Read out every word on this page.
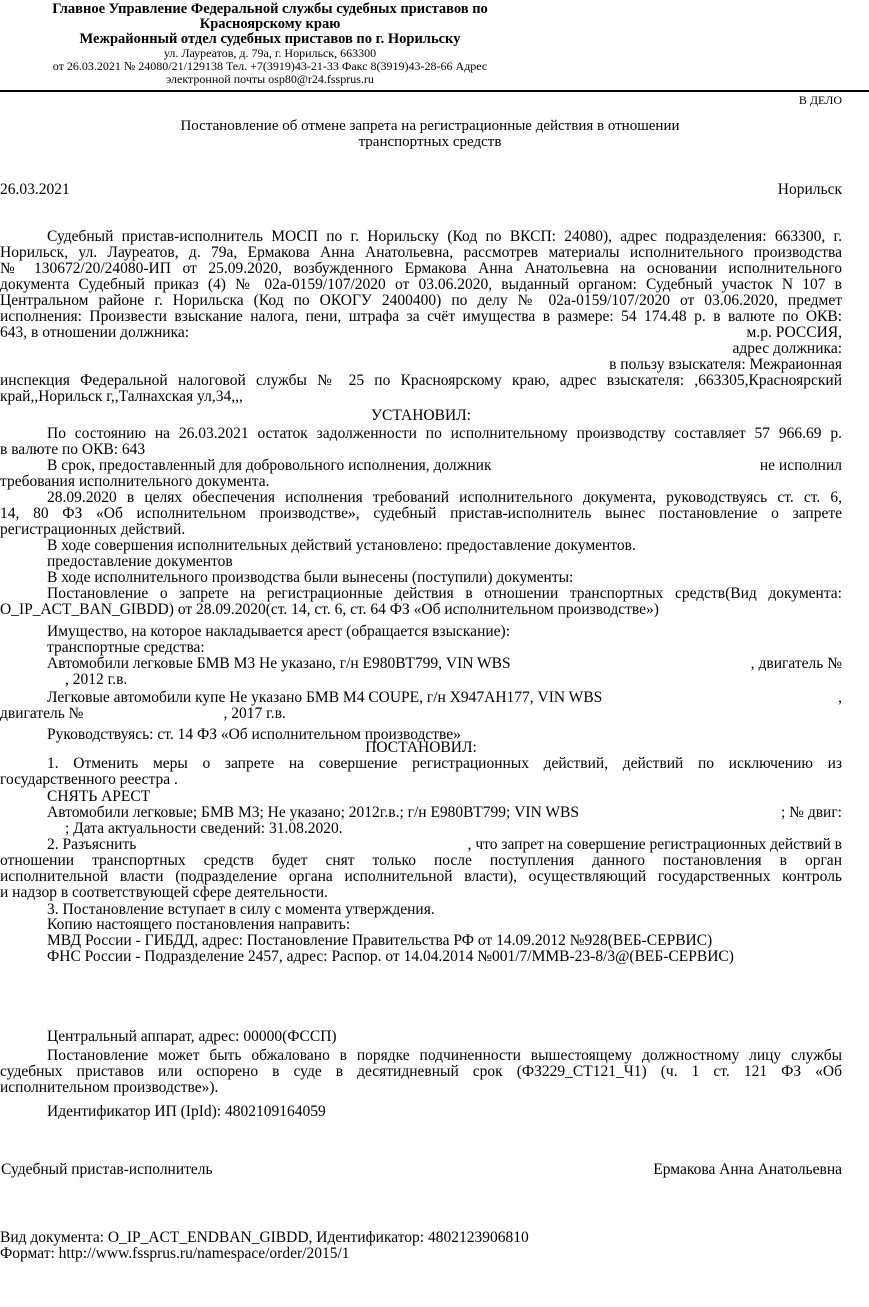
Главное Управление Федеральной службы судебных приставов по
Красноярскому краю
Межрайонный отдел судебных приставов по г. Норильску
ул. Лауреатов, д. 79а, г. Норильск, 663300
от 26.03.2021 № 24080/21/129138 Тел. +7(3919)43-21-33 Факс 8(3919)43-28-66 Адрес
электронной почты osp80@r24.fssprus.ru
В ДЕЛО
Постановление об отмене запрета на регистрационные действия в отношении
транспортных средств
26.03.2021	Норильск
Судебный пристав-исполнитель МОСП по г. Норильску (Код по ВКСП: 24080), адрес подразделения: 663300, г.
Норильск, ул. Лауреатов, д. 79а, Ермакова Анна Анатольевна, рассмотрев материалы исполнительного производства
№ 130672/20/24080-ИП от 25.09.2020, возбужденного Ермакова Анна Анатольевна на основании исполнительного
документа Судебный приказ (4) № 02а-0159/107/2020 от 03.06.2020, выданный органом: Судебный участок N 107 в
Центральном районе г. Норильска (Код по ОКОГУ 2400400) по делу № 02а-0159/107/2020 от 03.06.2020, предмет
исполнения: Произвести взыскание налога, пени, штрафа за счёт имущества в размере: 54 174.48 р. в валюте по ОКВ:
643, в отношении должника:	м.р. РОССИЯ,
адрес должника:
в пользу взыскателя: Межраионная
инспекция Федеральной налоговой службы № 25 по Красноярскому краю, адрес взыскателя: ,663305,Красноярский
край,,Норильск г,,Талнахская ул,34,,,
УСТАНОВИЛ:
По состоянию на 26.03.2021 остаток задолженности по исполнительному производству составляет 57 966.69 р.
в валюте по ОКВ: 643
В срок, предоставленный для добровольного исполнения, должник	не исполнил
требования исполнительного документа.
28.09.2020 в целях обеспечения исполнения требований исполнительного документа, руководствуясь ст. ст. 6,
14, 80 ФЗ «Об исполнительном производстве», судебный пристав-исполнитель вынес постановление о запрете
регистрационных действий.
В ходе совершения исполнительных действий установлено: предоставление документов.
предоставление документов
В ходе исполнительного производства были вынесены (поступили) документы:
Постановление о запрете на регистрационные действия в отношении транспортных средств(Вид документа:
O_IP_ACT_BAN_GIBDD) от 28.09.2020(ст. 14, ст. 6, ст. 64 ФЗ «Об исполнительном производстве»)
Имущество, на которое накладывается арест (обращается взыскание):
транспортные средства:
Автомобили легковые БМВ М3 Не указано, г/н Е980ВТ799, VIN WBS	, двигатель №
, 2012 г.в.
Легковые автомобили купе Не указано БМВ М4 COUPE, г/н Х947АН177, VIN WBS	,
двигатель №	, 2017 г.в.
Руководствуясь: ст. 14 ФЗ «Об исполнительном производстве»
ПОСТАНОВИЛ:
1. Отменить меры о запрете на совершение регистрационных действий, действий по исключению из
государственного реестра .
СНЯТЬ АРЕСТ
Автомобили легковые; БМВ М3; Не указано; 2012г.в.; г/н Е980ВТ799; VIN WBS	; № двиг:
; Дата актуальности сведений: 31.08.2020.
2. Разъяснить	, что запрет на совершение регистрационных действий в
отношении транспортных средств будет снят только после поступления данного постановления в орган
исполнительной власти (подразделение органа исполнительной власти), осуществляющий государственных контроль
и надзор в соответствующей сфере деятельности.
3. Постановление вступает в силу с момента утверждения.
Копию настоящего постановления направить:
МВД России - ГИБДД, адрес: Постановление Правительства РФ от 14.09.2012 №928(ВЕБ-СЕРВИС)
ФНС России - Подразделение 2457, адрес: Распор. от 14.04.2014 №001/7/ММВ-23-8/3@(ВЕБ-СЕРВИС)
Центральный аппарат, адрес: 00000(ФССП)
Постановление может быть обжаловано в порядке подчиненности вышестоящему должностному лицу службы
судебных приставов или оспорено в суде в десятидневный срок (ФЗ229_СТ121_Ч1) (ч. 1 ст. 121 ФЗ «Об
исполнительном производстве»).
Идентификатор ИП (IpId): 4802109164059
Судебный пристав-исполнитель	Ермакова Анна Анатольевна
Вид документа: O_IP_ACT_ENDBAN_GIBDD, Идентификатор: 4802123906810
Формат: http://www.fssprus.ru/namespace/order/2015/1
